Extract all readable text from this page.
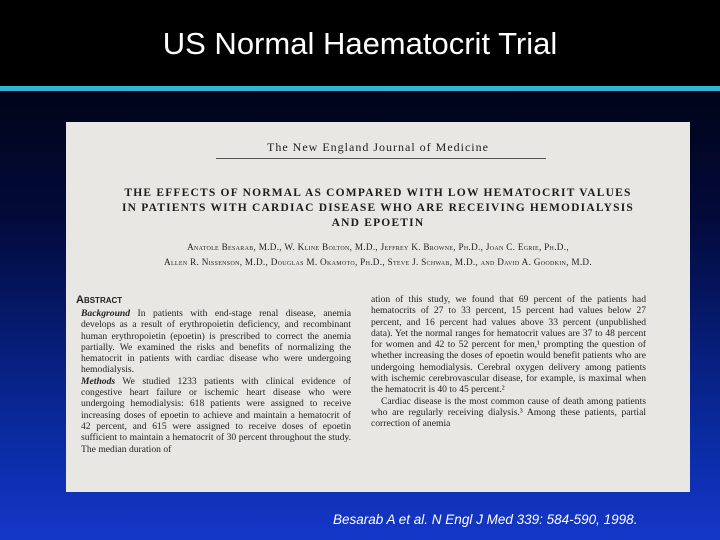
US Normal Haematocrit Trial
The New England Journal of Medicine
THE EFFECTS OF NORMAL AS COMPARED WITH LOW HEMATOCRIT VALUES
IN PATIENTS WITH CARDIAC DISEASE WHO ARE RECEIVING HEMODIALYSIS
AND EPOETIN
Anatole Besarab, M.D., W. Kline Bolton, M.D., Jeffrey K. Browne, Ph.D., Joan C. Egrie, Ph.D.,
Allen R. Nissenson, M.D., Douglas M. Okamoto, Ph.D., Steve J. Schwab, M.D., and David A. Goodkin, M.D.
Abstract

Background In patients with end-stage renal disease, anemia develops as a result of erythropoietin deficiency, and recombinant human erythropoietin (epoetin) is prescribed to correct the anemia partially. We examined the risks and benefits of normalizing the hematocrit in patients with cardiac disease who were undergoing hemodialysis.

Methods We studied 1233 patients with clinical evidence of congestive heart failure or ischemic heart disease who were undergoing hemodialysis: 618 patients were assigned to receive increasing doses of epoetin to achieve and maintain a hematocrit of 42 percent, and 615 were assigned to receive doses of epoetin sufficient to maintain a hematocrit of 30 percent throughout the study. The median duration of

ation of this study, we found that 69 percent of the patients had hematocrits of 27 to 33 percent, 15 percent had values below 27 percent, and 16 percent had values above 33 percent (unpublished data). Yet the normal ranges for hematocrit values are 37 to 48 percent for women and 42 to 52 percent for men,¹ prompting the question of whether increasing the doses of epoetin would benefit patients who are undergoing hemodialysis. Cerebral oxygen delivery among patients with ischemic cerebrovascular disease, for example, is maximal when the hematocrit is 40 to 45 percent.²

Cardiac disease is the most common cause of death among patients who are regularly receiving dialysis.³ Among these patients, partial correction of anemia

Besarab A et al. N Engl J Med 339: 584-590, 1998.
